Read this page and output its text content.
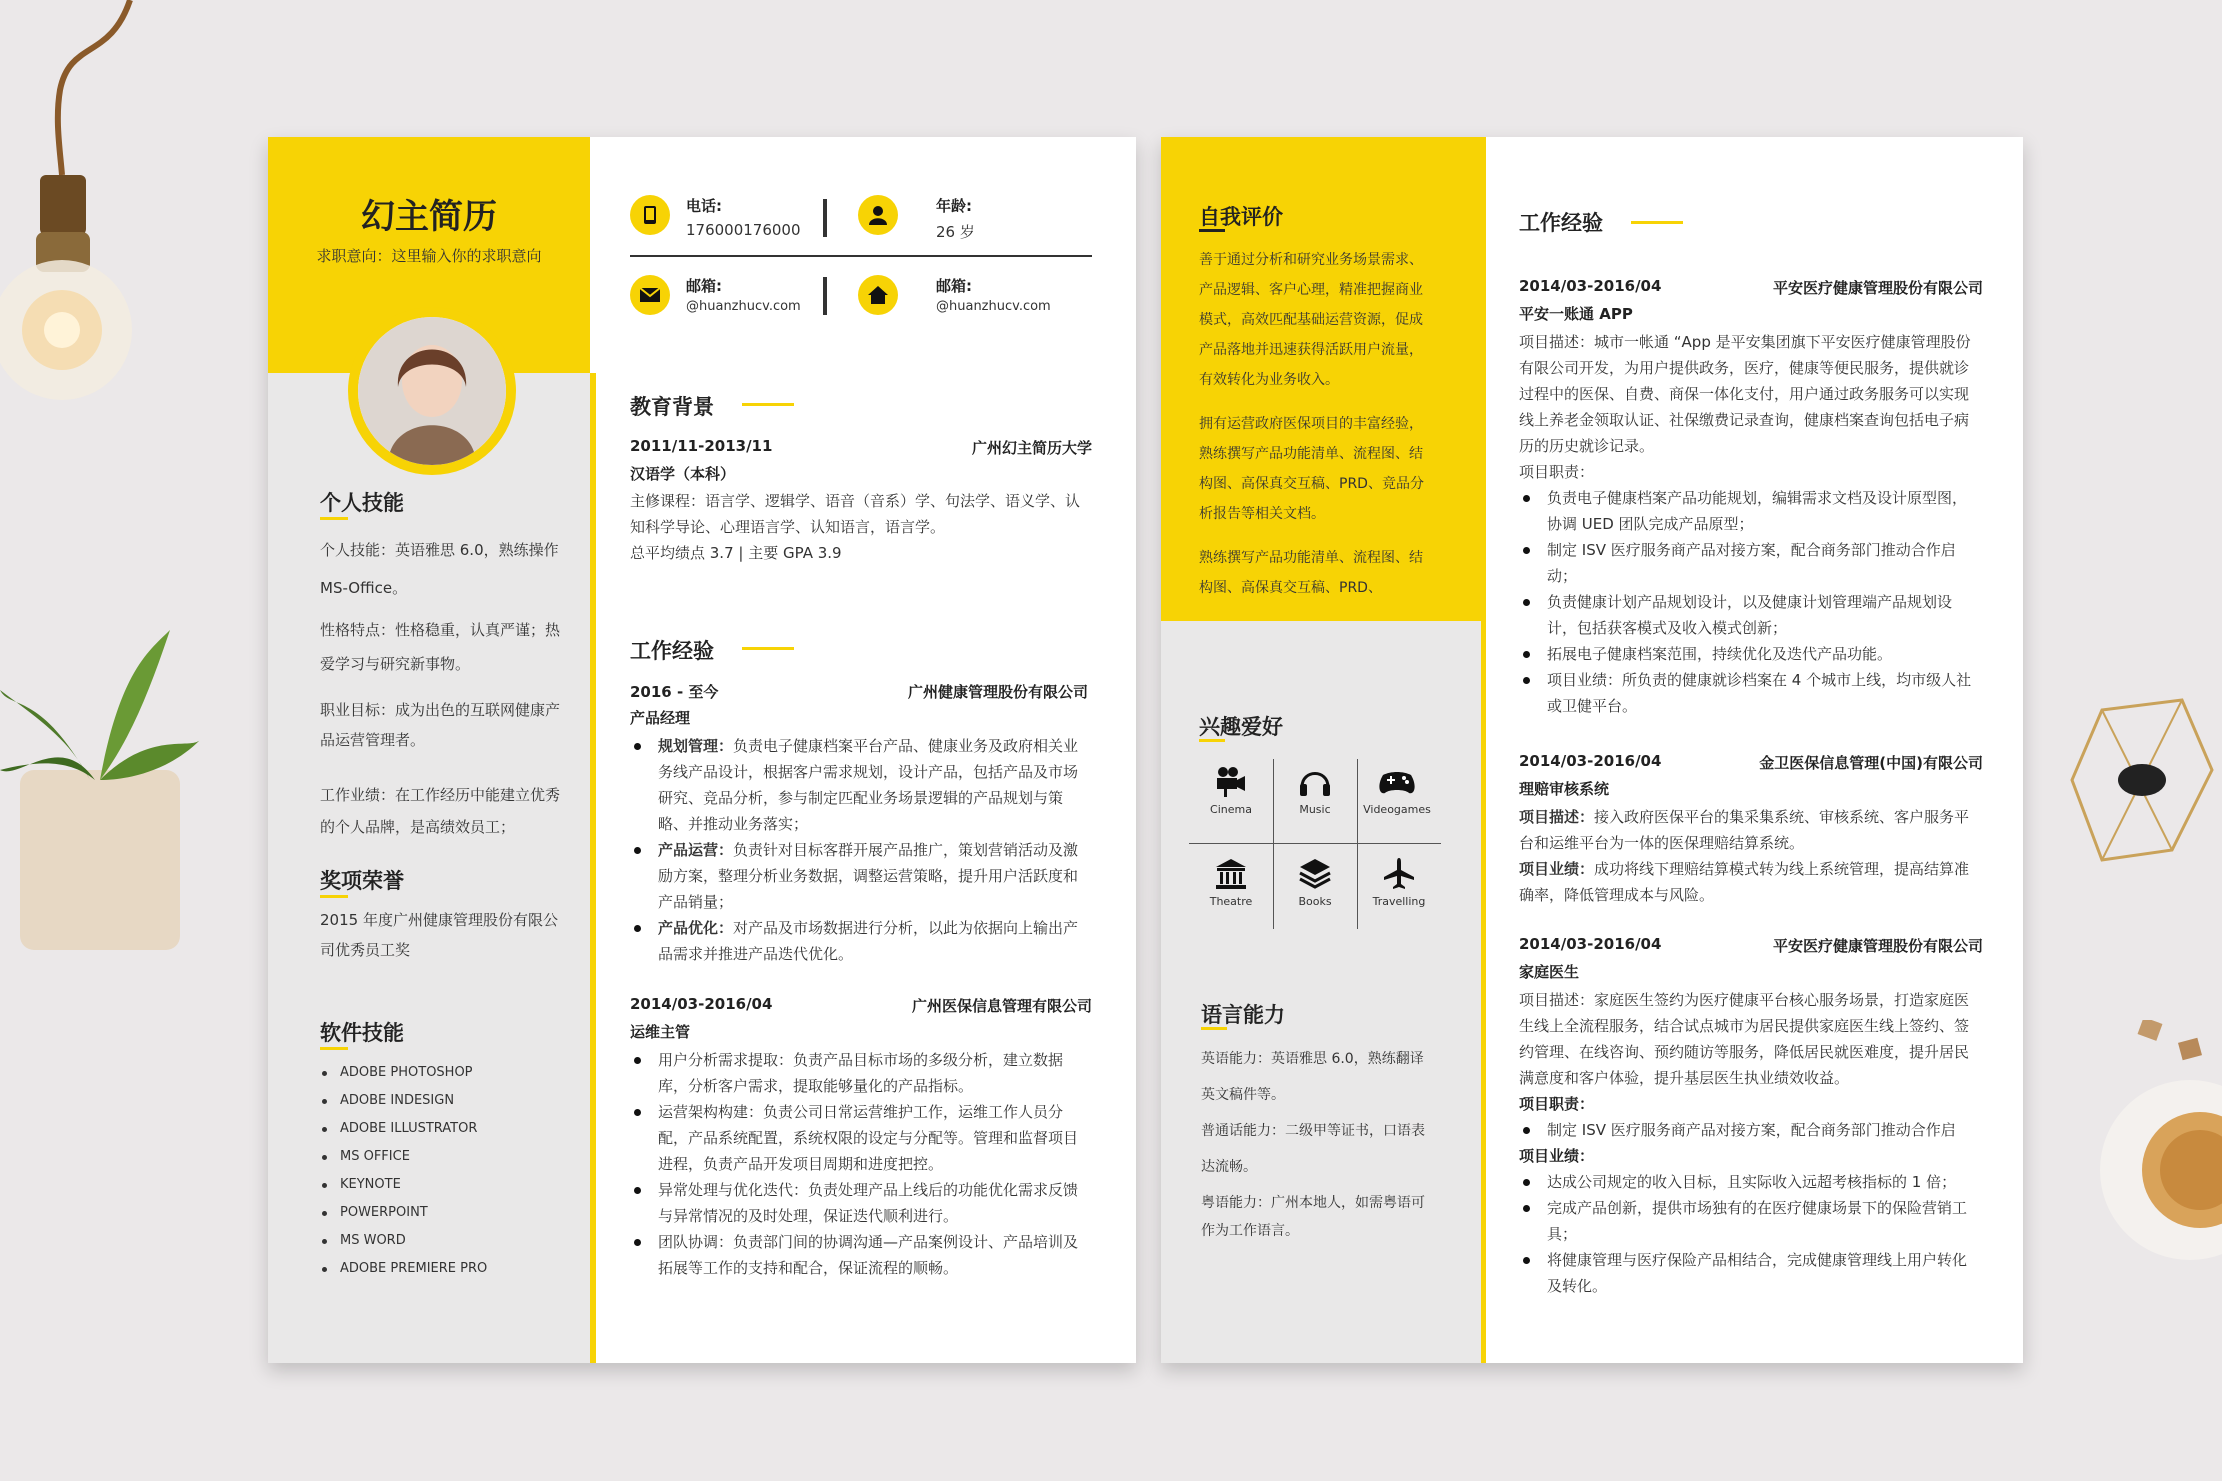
幻主简历
求职意向：这里输入你的求职意向
个人技能
个人技能：英语雅思 6.0，熟练操作
MS-Office。
性格特点：性格稳重，认真严谨；热
爱学习与研究新事物。
职业目标：成为出色的互联网健康产
品运营管理者。
工作业绩：在工作经历中能建立优秀
的个人品牌，是高绩效员工；
奖项荣誉
2015 年度广州健康管理股份有限公
司优秀员工奖
软件技能
ADOBE PHOTOSHOP
ADOBE INDESIGN
ADOBE ILLUSTRATOR
MS OFFICE
KEYNOTE
POWERPOINT
MS WORD
ADOBE PREMIERE PRO
电话:
176000176000
年龄:
26 岁
邮箱:
@huanzhucv.com
邮箱:
@huanzhucv.com
教育背景
2011/11-2013/11	广州幻主简历大学
汉语学（本科）
主修课程：语言学、逻辑学、语音（音系）学、句法学、语义学、认
知科学导论、心理语言学、认知语言，语言学。
总平均绩点 3.7 | 主要 GPA 3.9
工作经验
2016 - 至今	广州健康管理股份有限公司
产品经理
规划管理：负责电子健康档案平台产品、健康业务及政府相关业
务线产品设计，根据客户需求规划，设计产品，包括产品及市场
研究、竞品分析，参与制定匹配业务场景逻辑的产品规划与策
略、并推动业务落实；
产品运营：负责针对目标客群开展产品推广，策划营销活动及激
励方案，整理分析业务数据，调整运营策略，提升用户活跃度和
产品销量；
产品优化：对产品及市场数据进行分析，以此为依据向上输出产
品需求并推进产品迭代优化。
2014/03-2016/04	广州医保信息管理有限公司
运维主管
用户分析需求提取：负责产品目标市场的多级分析，建立数据
库，分析客户需求，提取能够量化的产品指标。
运营架构构建：负责公司日常运营维护工作，运维工作人员分
配，产品系统配置，系统权限的设定与分配等。管理和监督项目
进程，负责产品开发项目周期和进度把控。
异常处理与优化迭代：负责处理产品上线后的功能优化需求反馈
与异常情况的及时处理，保证迭代顺利进行。
团队协调：负责部门间的协调沟通—产品案例设计、产品培训及
拓展等工作的支持和配合，保证流程的顺畅。
自我评价
善于通过分析和研究业务场景需求、
产品逻辑、客户心理，精准把握商业
模式，高效匹配基础运营资源，促成
产品落地并迅速获得活跃用户流量，
有效转化为业务收入。
拥有运营政府医保项目的丰富经验，
熟练撰写产品功能清单、流程图、结
构图、高保真交互稿、PRD、竞品分
析报告等相关文档。
熟练撰写产品功能清单、流程图、结
构图、高保真交互稿、PRD、
兴趣爱好
Cinema	Music	Videogames
Theatre	Books	Travelling
语言能力
英语能力：英语雅思 6.0，熟练翻译
英文稿件等。
普通话能力：二级甲等证书，口语表
达流畅。
粤语能力：广州本地人，如需粤语可
作为工作语言。
工作经验
2014/03-2016/04	平安医疗健康管理股份有限公司
平安一账通 APP
项目描述：城市一帐通 “App 是平安集团旗下平安医疗健康管理股份
有限公司开发，为用户提供政务，医疗，健康等便民服务，提供就诊
过程中的医保、自费、商保一体化支付，用户通过政务服务可以实现
线上养老金领取认证、社保缴费记录查询，健康档案查询包括电子病
历的历史就诊记录。
项目职责：
负责电子健康档案产品功能规划，编辑需求文档及设计原型图，
协调 UED 团队完成产品原型；
制定 ISV 医疗服务商产品对接方案，配合商务部门推动合作启
动；
负责健康计划产品规划设计，以及健康计划管理端产品规划设
计，包括获客模式及收入模式创新；
拓展电子健康档案范围，持续优化及迭代产品功能。
项目业绩：所负责的健康就诊档案在 4 个城市上线，均市级人社
或卫健平台。
2014/03-2016/04	金卫医保信息管理(中国)有限公司
理赔审核系统
项目描述：接入政府医保平台的集采集系统、审核系统、客户服务平
台和运维平台为一体的医保理赔结算系统。
项目业绩：成功将线下理赔结算模式转为线上系统管理，提高结算准
确率，降低管理成本与风险。
2014/03-2016/04	平安医疗健康管理股份有限公司
家庭医生
项目描述：家庭医生签约为医疗健康平台核心服务场景，打造家庭医
生线上全流程服务，结合试点城市为居民提供家庭医生线上签约、签
约管理、在线咨询、预约随访等服务，降低居民就医难度，提升居民
满意度和客户体验，提升基层医生执业绩效收益。
项目职责：
制定 ISV 医疗服务商产品对接方案，配合商务部门推动合作启
项目业绩：
达成公司规定的收入目标，且实际收入远超考核指标的 1 倍；
完成产品创新，提供市场独有的在医疗健康场景下的保险营销工
具；
将健康管理与医疗保险产品相结合，完成健康管理线上用户转化
及转化。
